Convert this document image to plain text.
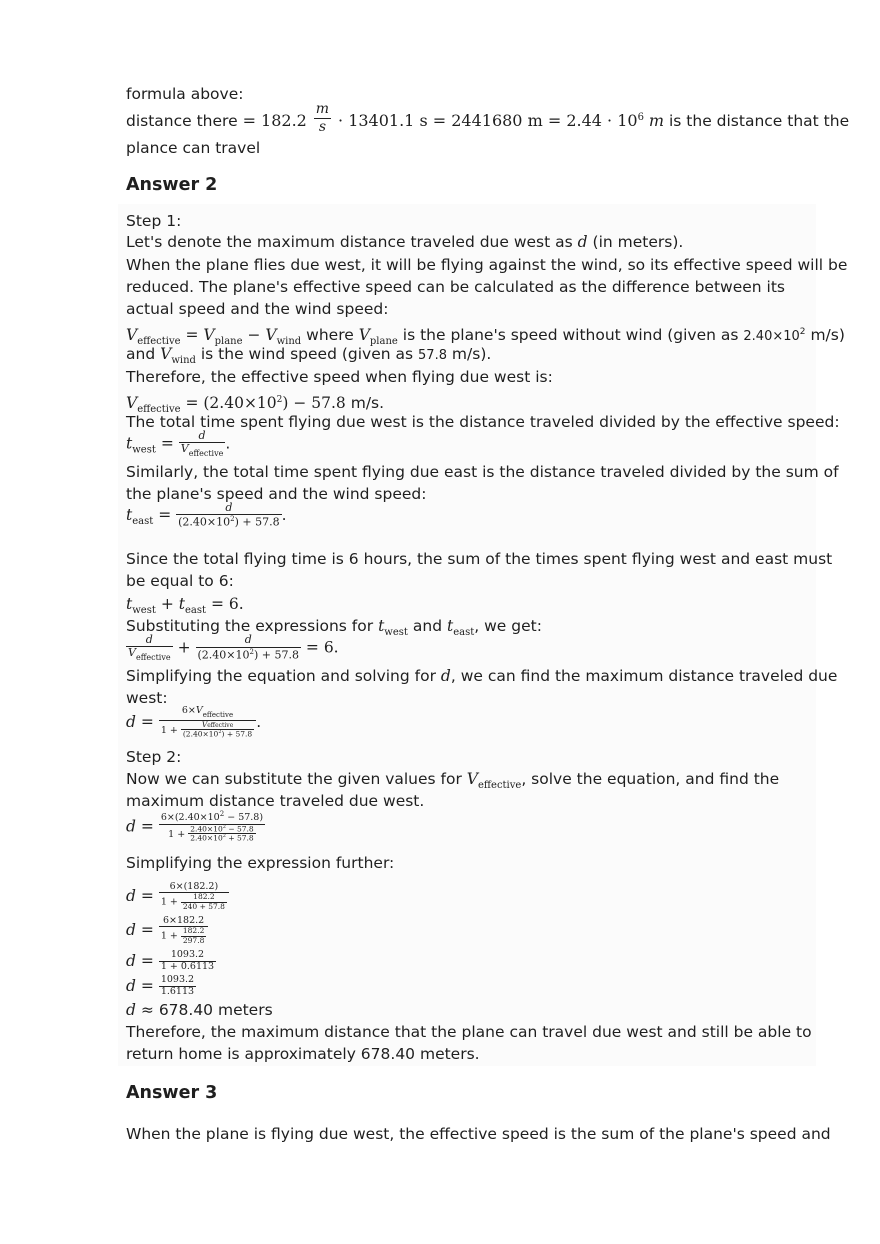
formula above:
distance there = $182.2 \frac{m}{s} \cdot 13401.1$ s = 2441680 $m = 2.44 \cdot 10^6$ m is the distance that the
plance can travel
Answer 2
Step 1:
Let's denote the maximum distance traveled due west as d (in meters).
When the plane flies due west, it will be flying against the wind, so its effective speed will be
reduced. The plane's effective speed can be calculated as the difference between its
actual speed and the wind speed:
$V_{effective} = V_{plane} - V_{wind}$ where $V_{plane}$ is the plane's speed without wind (given as $2.40\times 10^2$ m/s)
and $V_{wind}$ is the wind speed (given as 57.8 m/s).
Therefore, the effective speed when flying due west is:
$V_{effective} = (2.40\times 10^2) - 57.8$ m/s.
The total time spent flying due west is the distance traveled divided by the effective speed:
$t_{west} = \frac{d}{V_{effective}}$ .
Similarly, the total time spent flying due east is the distance traveled divided by the sum of
the plane's speed and the wind speed:
$t_{east} = \frac{d}{(2.40\times 10^2) + 57.8}$ .
Since the total flying time is 6 hours, the sum of the times spent flying west and east must
be equal to 6:
$t_{west} + t_{east} = 6$.
Substituting the expressions for $t_{west}$ and $t_{east}$, we get:
$\frac{d}{V_{effective}} + \frac{d}{(2.40\times 10^2) + 57.8} = 6$.
Simplifying the equation and solving for d, we can find the maximum distance traveled due
west:
$d = \frac{6\times V_{effective}}{1 + \frac{\text{Veffective}}{(2.40\times 10^2) + 57.8}}$ .
Step 2:
Now we can substitute the given values for $V_{effective}$, solve the equation, and find the
maximum distance traveled due west.
$d = \frac{6\times(2.40\times 10^2 - 57.8)}{1 + \frac{2.40\times 10^2 - 57.8}{2.40\times 10^2 + 57.8}}$
Simplifying the expression further:
$d = \frac{6\times(182.2)}{1 + \frac{182.2}{240 + 57.8}}$
$d = \frac{6\times 182.2}{1 + \frac{182.2}{297.8}}$
$d = \frac{1093.2}{1 + 0.6113}$
$d = \frac{1093.2}{1.6113}$
d ≈ 678.40 meters
Therefore, the maximum distance that the plane can travel due west and still be able to
return home is approximately 678.40 meters.
Answer 3
When the plane is flying due west, the effective speed is the sum of the plane's speed and
